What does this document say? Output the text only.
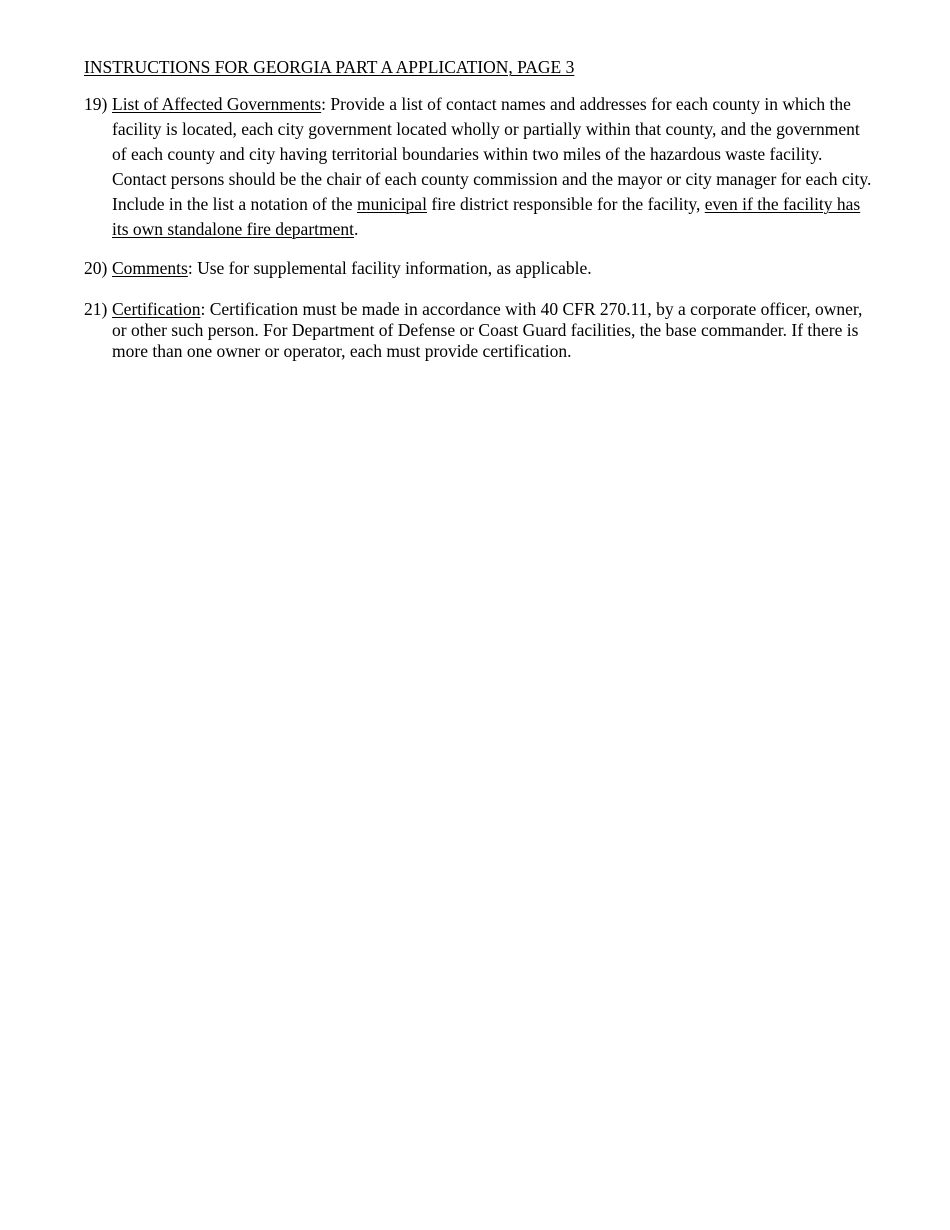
INSTRUCTIONS FOR GEORGIA PART A APPLICATION, PAGE 3
19) List of Affected Governments: Provide a list of contact names and addresses for each county in which the facility is located, each city government located wholly or partially within that county, and the government of each county and city having territorial boundaries within two miles of the hazardous waste facility. Contact persons should be the chair of each county commission and the mayor or city manager for each city. Include in the list a notation of the municipal fire district responsible for the facility, even if the facility has its own standalone fire department.
20) Comments: Use for supplemental facility information, as applicable.
21) Certification: Certification must be made in accordance with 40 CFR 270.11, by a corporate officer, owner, or other such person. For Department of Defense or Coast Guard facilities, the base commander. If there is more than one owner or operator, each must provide certification.
